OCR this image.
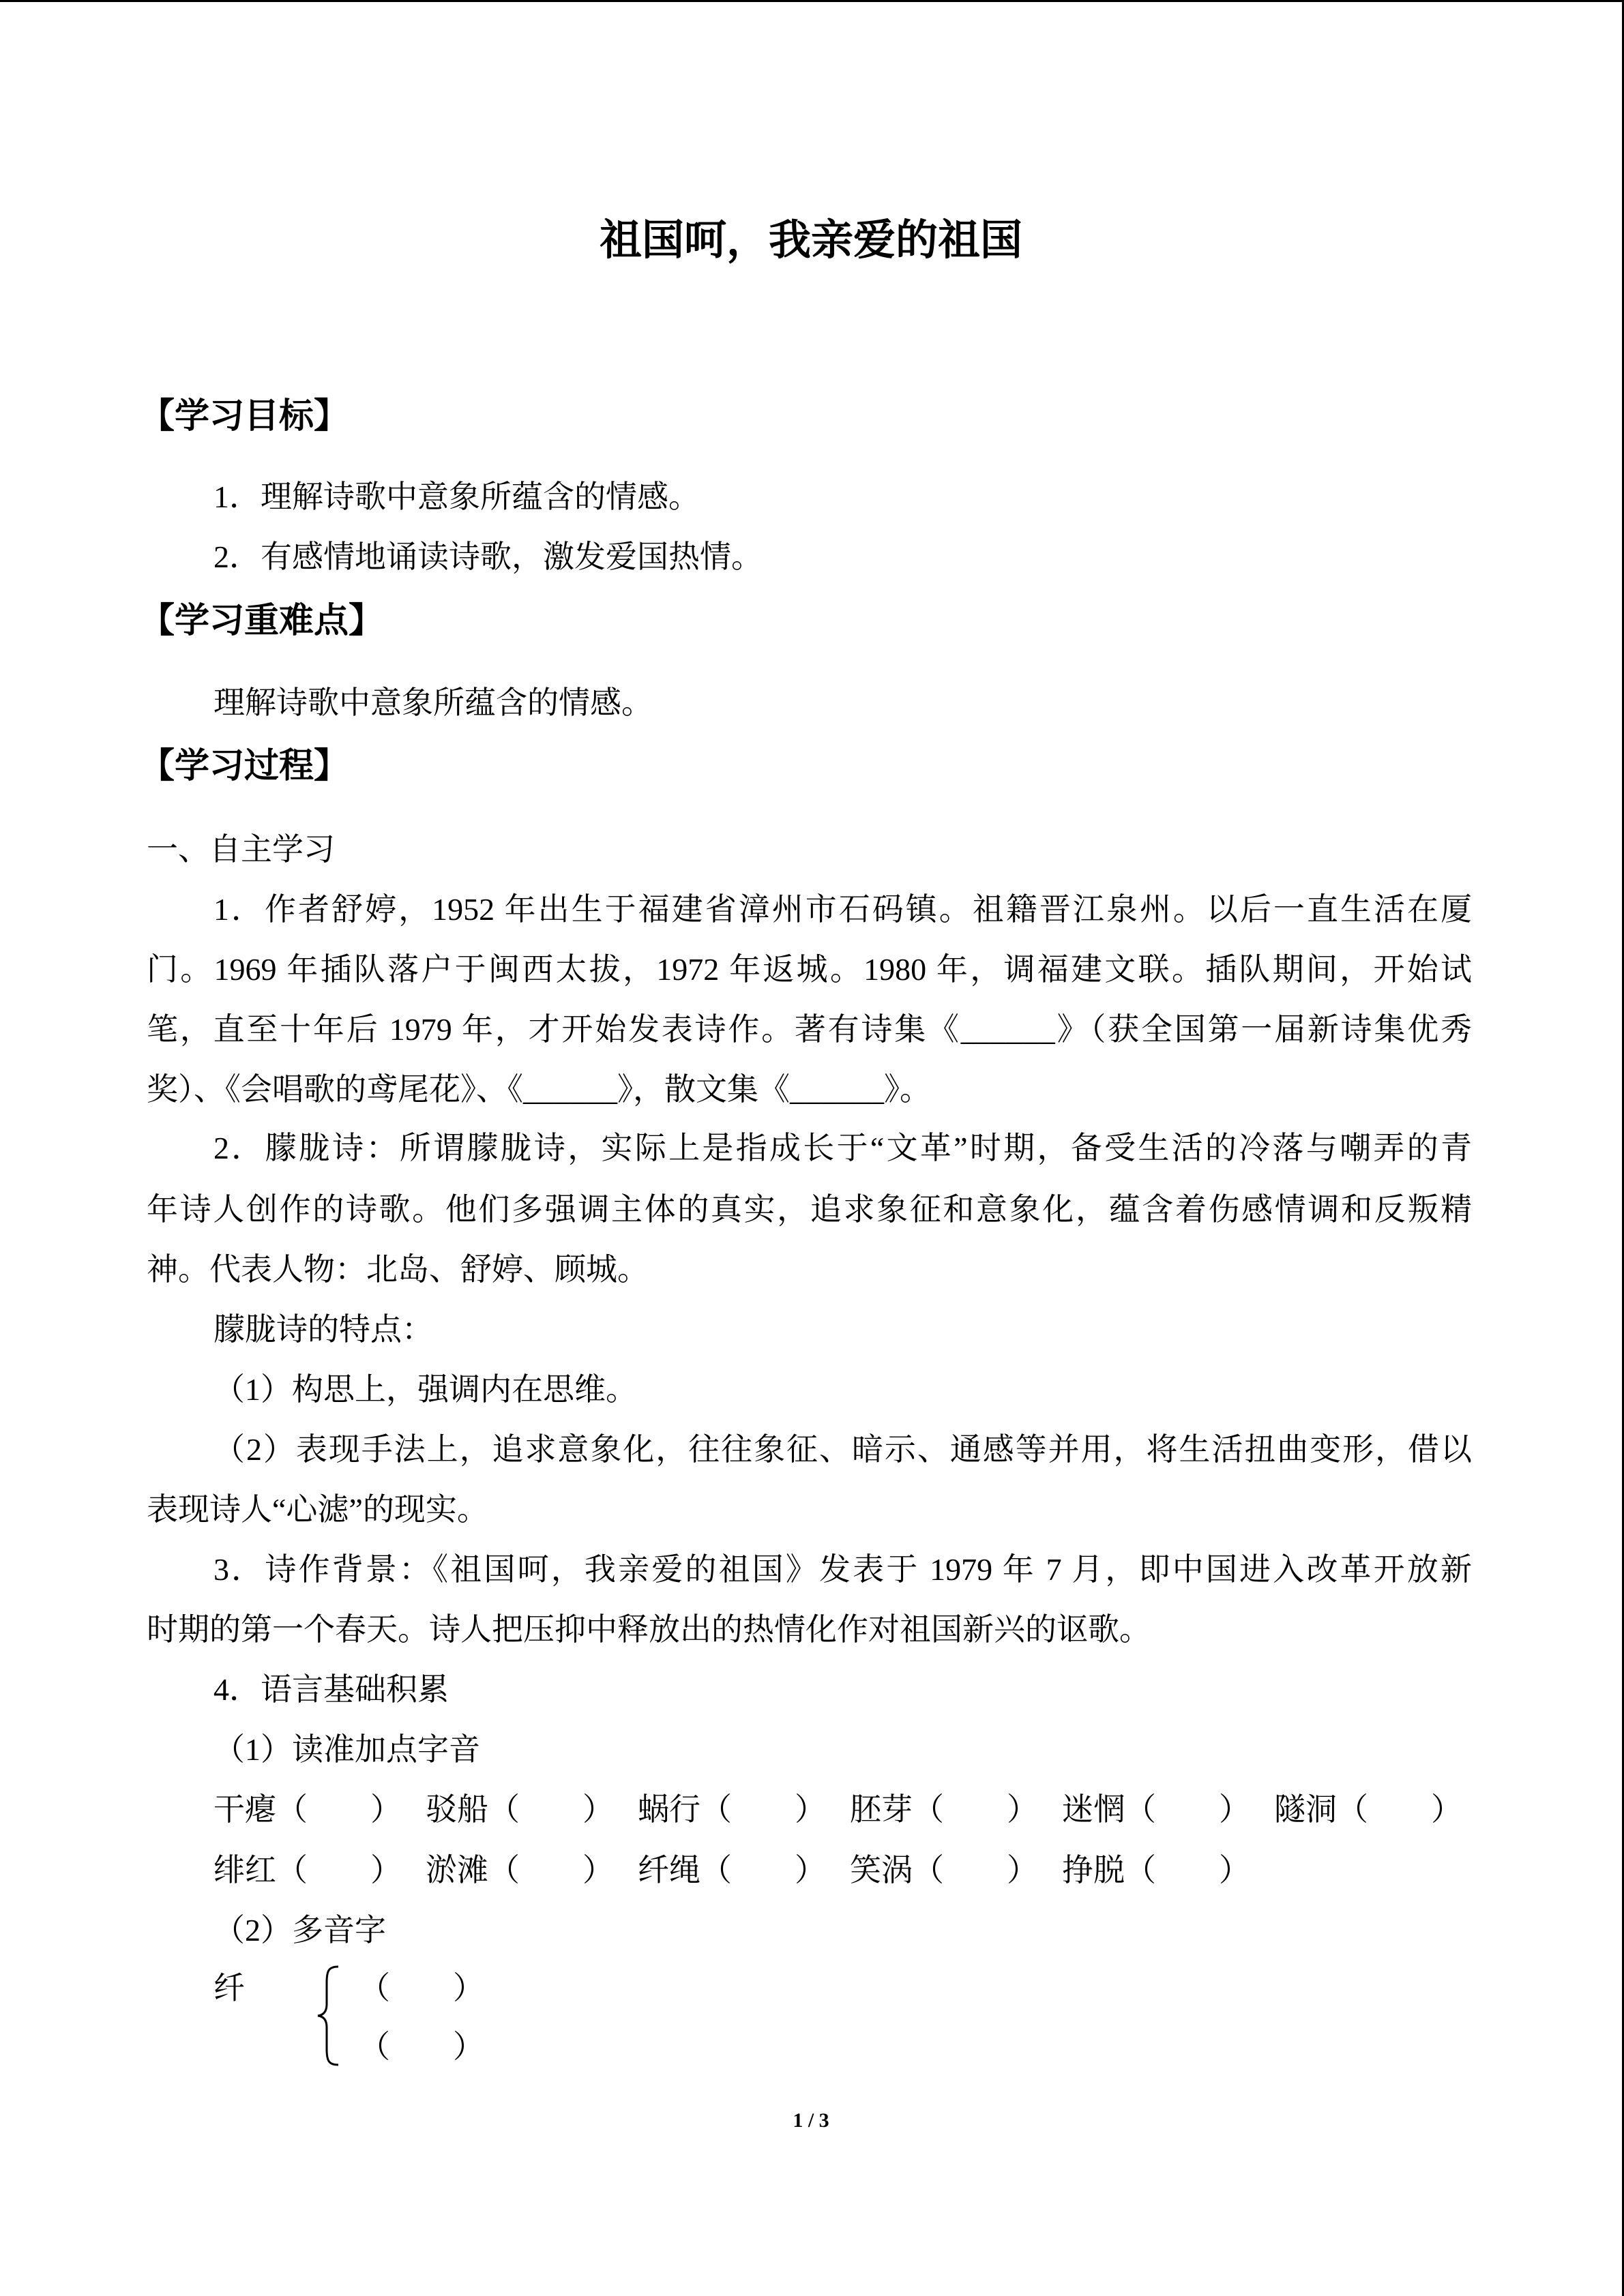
祖国呵，我亲爱的祖国
【学习目标】
1．理解诗歌中意象所蕴含的情感。
2．有感情地诵读诗歌，激发爱国热情。
【学习重难点】
理解诗歌中意象所蕴含的情感。
【学习过程】
一、自主学习
1．作者舒婷，1952 年出生于福建省漳州市石码镇。祖籍晋江泉州。以后一直生活在厦
门。1969 年插队落户于闽西太拔，1972 年返城。1980 年，调福建文联。插队期间，开始试
笔，直至十年后 1979 年，才开始发表诗作。著有诗集《______》（获全国第一届新诗集优秀
奖）、《会唱歌的鸢尾花》、《______》，散文集《______》。
2．朦胧诗：所谓朦胧诗，实际上是指成长于“文革”时期，备受生活的冷落与嘲弄的青
年诗人创作的诗歌。他们多强调主体的真实，追求象征和意象化，蕴含着伤感情调和反叛精
神。代表人物：北岛、舒婷、顾城。
朦胧诗的特点：
（1）构思上，强调内在思维。
（2）表现手法上，追求意象化，往往象征、暗示、通感等并用，将生活扭曲变形，借以
表现诗人“心滤”的现实。
3．诗作背景：《祖国呵，我亲爱的祖国》发表于 1979 年 7 月，即中国进入改革开放新
时期的第一个春天。诗人把压抑中释放出的热情化作对祖国新兴的讴歌。
4．语言基础积累
（1）读准加点字音
干瘪（　　） 驳船（　　） 蜗行（　　） 胚芽（　　） 迷惘（　　） 隧洞（　　）
绯红（　　） 淤滩（　　） 纤绳（　　） 笑涡（　　） 挣脱（　　）
（2）多音字
纤	（　　）
（　　）
1 / 3
